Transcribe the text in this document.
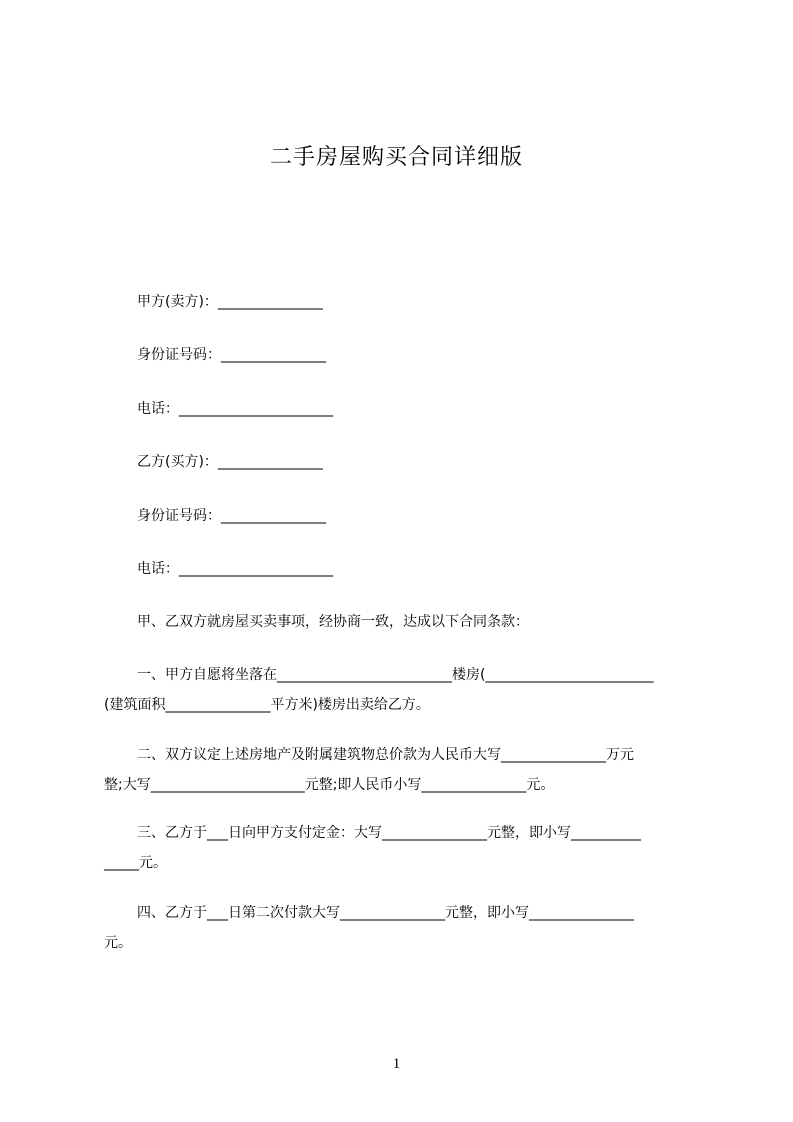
二手房屋购买合同详细版
甲方(卖方)：_______________
身份证号码：_______________
电话：______________________
乙方(买方)：_______________
身份证号码：_______________
电话：______________________
甲、乙双方就房屋买卖事项，经协商一致，达成以下合同条款：
一、甲方自愿将坐落在_________________________楼房(________________________
(建筑面积_______________平方米)楼房出卖给乙方。
二、双方议定上述房地产及附属建筑物总价款为人民币大写_______________万元
整;大写______________________元整;即人民币小写_______________元。
三、乙方于___日向甲方支付定金：大写_______________元整，即小写__________
_____元。
四、乙方于___日第二次付款大写_______________元整，即小写_______________
元。
1
